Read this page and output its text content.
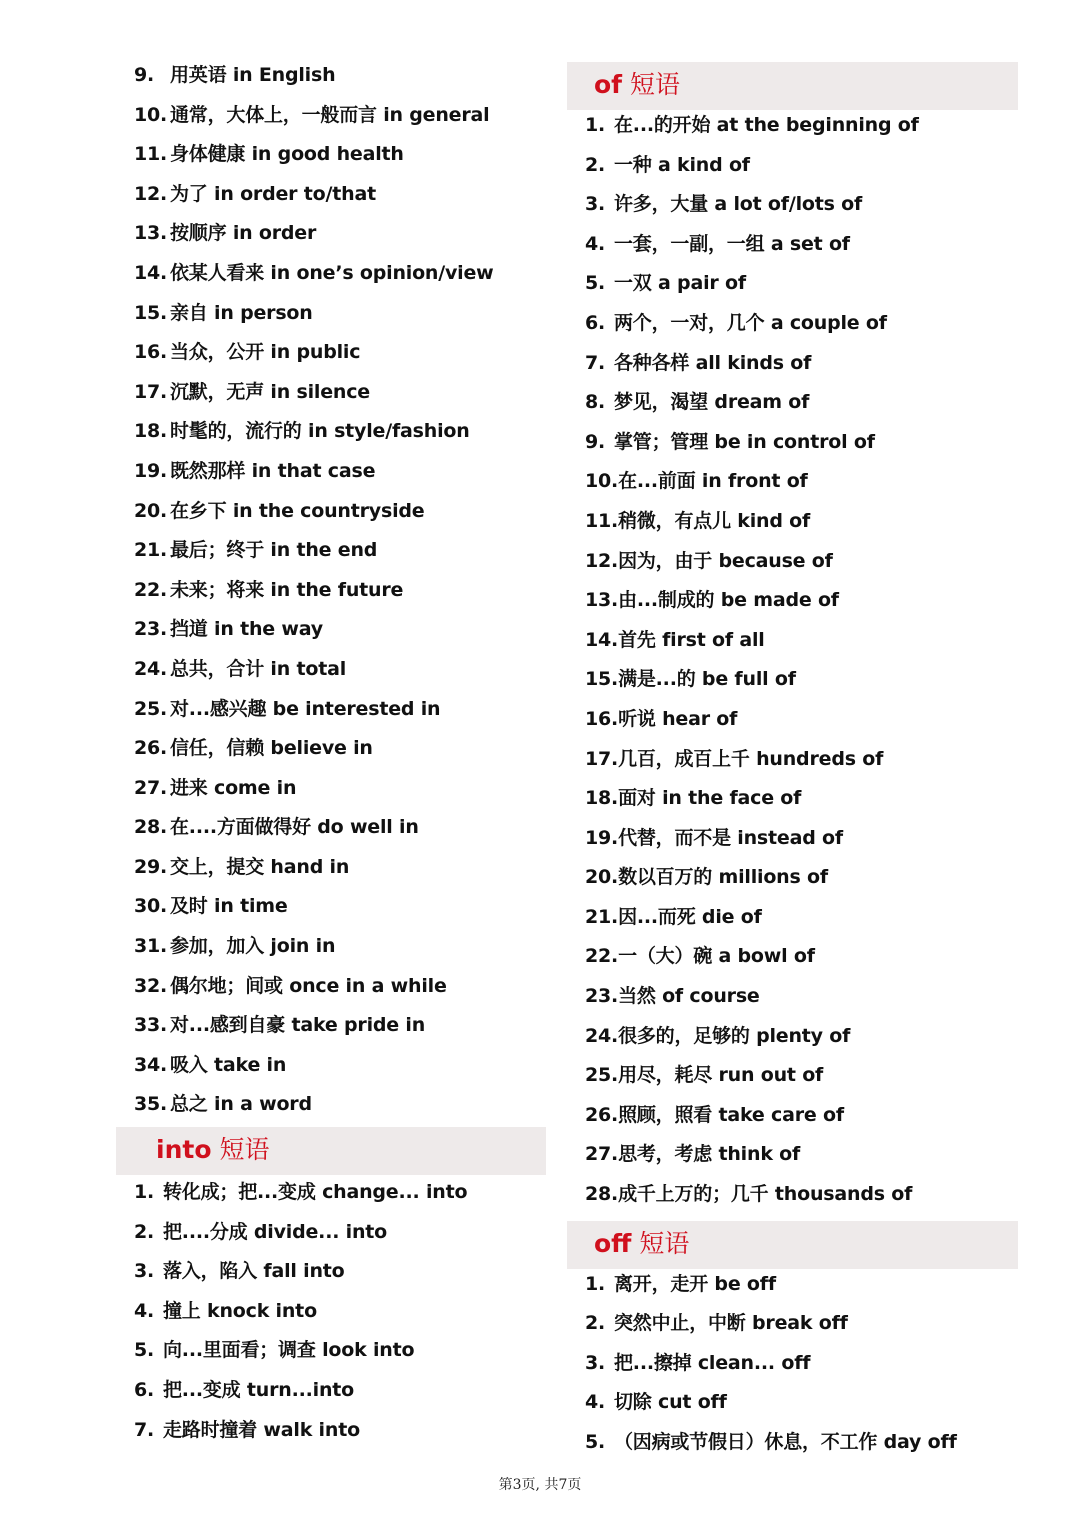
9. 用英语 in English
10. 通常，大体上，一般而言 in general
11. 身体健康 in good health
12. 为了 in order to/that
13. 按顺序 in order
14. 依某人看来 in one’s opinion/view
15. 亲自 in person
16. 当众，公开 in public
17. 沉默，无声 in silence
18. 时髦的，流行的 in style/fashion
19. 既然那样 in that case
20. 在乡下 in the countryside
21. 最后；终于 in the end
22. 未来；将来 in the future
23. 挡道 in the way
24. 总共，合计 in total
25. 对...感兴趣 be interested in
26. 信任，信赖 believe in
27. 进来 come in
28. 在....方面做得好 do well in
29. 交上，提交 hand in
30. 及时 in time
31. 参加，加入 join in
32. 偶尔地；间或 once in a while
33. 对...感到自豪 take pride in
34. 吸入 take in
35. 总之 in a word
into 短语
1. 转化成；把...变成 change... into
2. 把....分成 divide... into
3. 落入，陷入 fall into
4. 撞上 knock into
5. 向...里面看；调查 look into
6. 把...变成 turn...into
7. 走路时撞着 walk into
of 短语
1. 在...的开始 at the beginning of
2. 一种 a kind of
3. 许多，大量 a lot of/lots of
4. 一套，一副，一组 a set of
5. 一双 a pair of
6. 两个，一对，几个 a couple of
7. 各种各样 all kinds of
8. 梦见，渴望 dream of
9. 掌管；管理 be in control of
10.在...前面 in front of
11.稍微，有点儿 kind of
12.因为，由于 because of
13.由...制成的 be made of
14.首先 first of all
15.满是...的 be full of
16.听说 hear of
17.几百，成百上千 hundreds of
18.面对 in the face of
19.代替，而不是 instead of
20.数以百万的 millions of
21.因...而死 die of
22.一（大）碗 a bowl of
23.当然 of course
24.很多的，足够的 plenty of
25.用尽，耗尽 run out of
26.照顾，照看 take care of
27.思考，考虑 think of
28.成千上万的；几千 thousands of
off 短语
1. 离开，走开 be off
2. 突然中止，中断 break off
3. 把...擦掉 clean... off
4. 切除 cut off
5. （因病或节假日）休息，不工作 day off
第3页, 共7页
